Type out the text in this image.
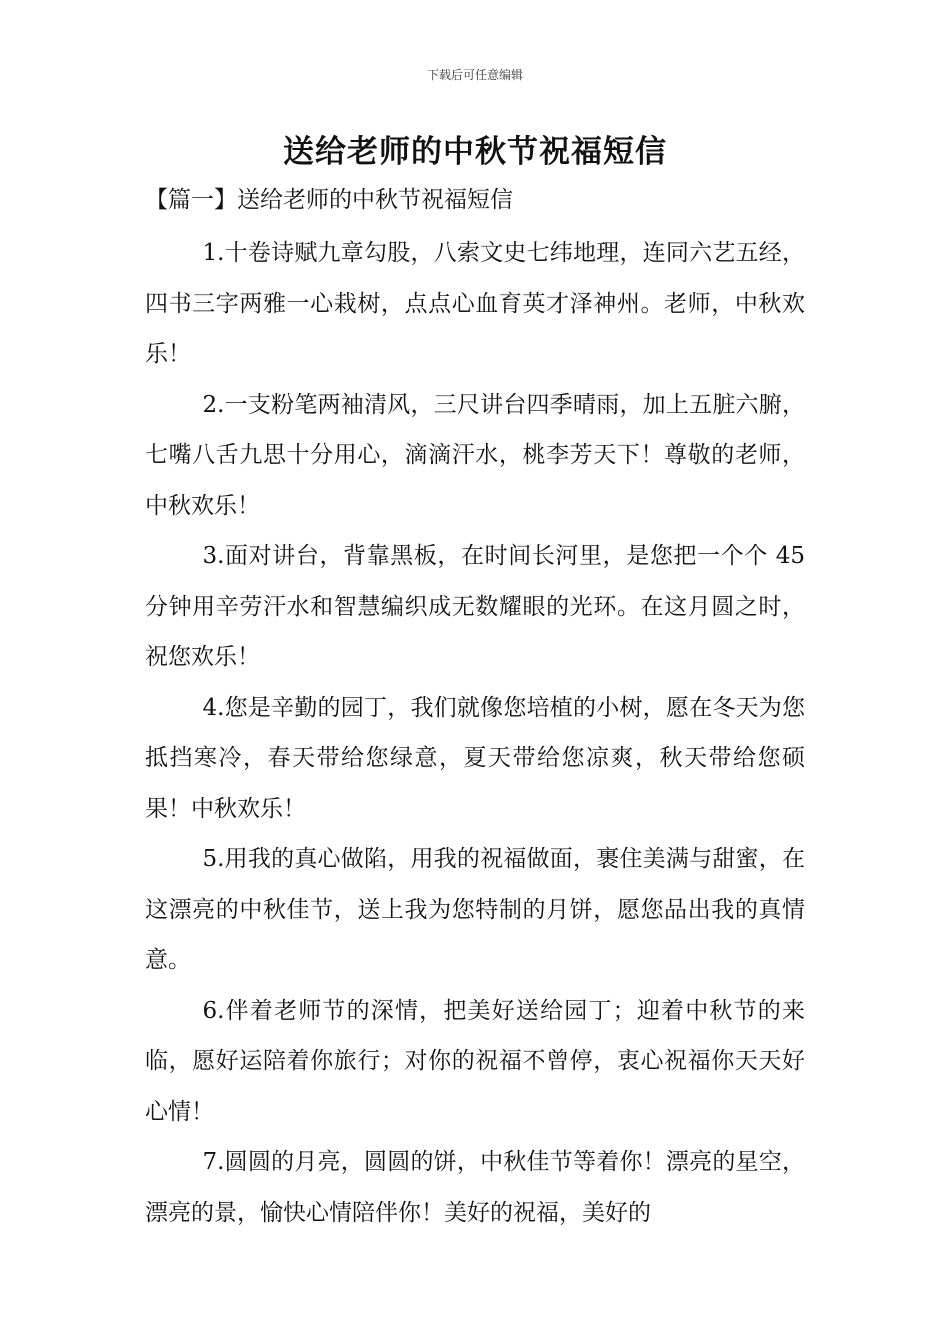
下载后可任意编辑
送给老师的中秋节祝福短信
【篇一】送给老师的中秋节祝福短信

1.十卷诗赋九章勾股，八索文史七纬地理，连同六艺五经，四书三字两雅一心栽树，点点心血育英才泽神州。老师，中秋欢乐！

2.一支粉笔两袖清风，三尺讲台四季晴雨，加上五脏六腑，七嘴八舌九思十分用心，滴滴汗水，桃李芳天下！尊敬的老师，中秋欢乐！

3.面对讲台，背靠黑板，在时间长河里，是您把一个个 45 分钟用辛劳汗水和智慧编织成无数耀眼的光环。在这月圆之时，祝您欢乐！

4.您是辛勤的园丁，我们就像您培植的小树，愿在冬天为您抵挡寒冷，春天带给您绿意，夏天带给您凉爽，秋天带给您硕果！中秋欢乐！

5.用我的真心做陷，用我的祝福做面，裹住美满与甜蜜，在这漂亮的中秋佳节，送上我为您特制的月饼，愿您品出我的真情意。

6.伴着老师节的深情，把美好送给园丁；迎着中秋节的来临，愿好运陪着你旅行；对你的祝福不曾停，衷心祝福你天天好心情！

7.圆圆的月亮，圆圆的饼，中秋佳节等着你！漂亮的星空，漂亮的景，愉快心情陪伴你！美好的祝福，美好的
